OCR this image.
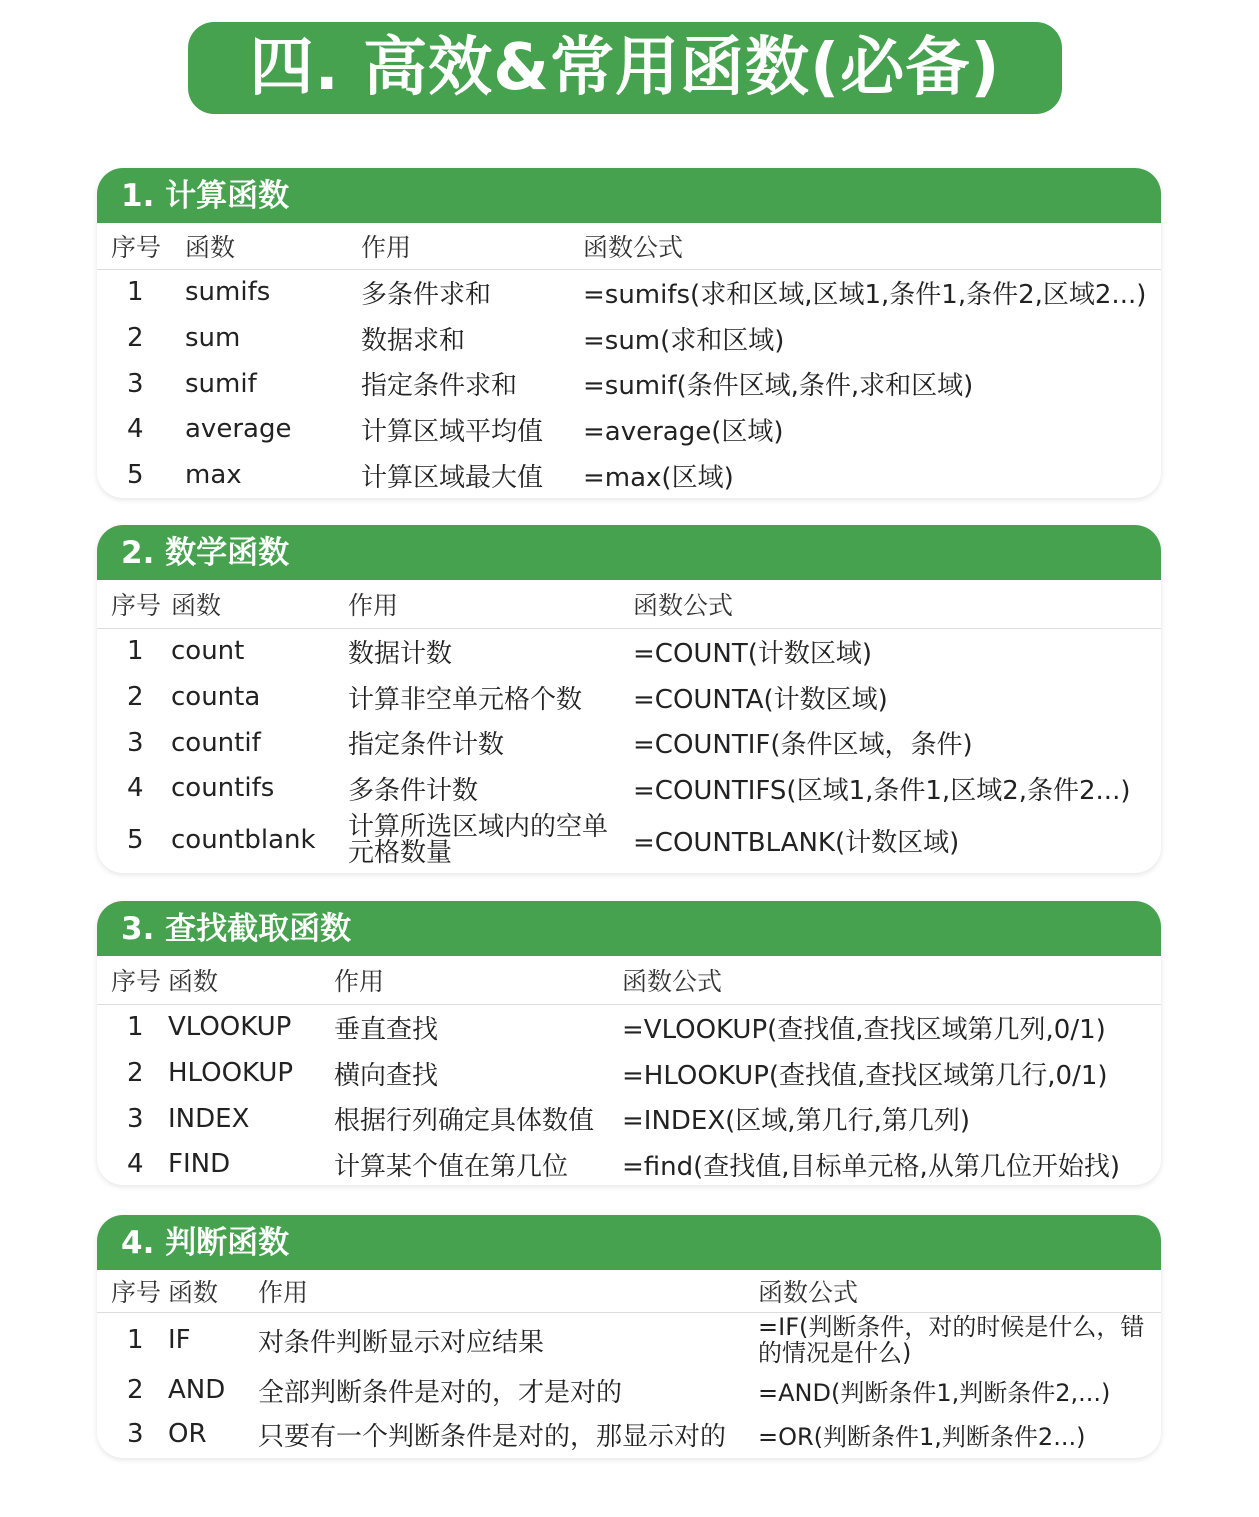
四. 高效&常用函数(必备)
1. 计算函数
序号	函数	作用	函数公式
1	sumifs	多条件求和	=sumifs(求和区域,区域1,条件1,条件2,区域2...)
2	sum	数据求和	=sum(求和区域)
3	sumif	指定条件求和	=sumif(条件区域,条件,求和区域)
4	average	计算区域平均值	=average(区域)
5	max	计算区域最大值	=max(区域)
2. 数学函数
序号	函数	作用	函数公式
1	count	数据计数	=COUNT(计数区域)
2	counta	计算非空单元格个数	=COUNTA(计数区域)
3	countif	指定条件计数	=COUNTIF(条件区域，条件)
4	countifs	多条件计数	=COUNTIFS(区域1,条件1,区域2,条件2...)
5	countblank	计算所选区域内的空单元格数量	=COUNTBLANK(计数区域)
3. 查找截取函数
序号	函数	作用	函数公式
1	VLOOKUP	垂直查找	=VLOOKUP(查找值,查找区域第几列,0/1)
2	HLOOKUP	横向查找	=HLOOKUP(查找值,查找区域第几行,0/1)
3	INDEX	根据行列确定具体数值	=INDEX(区域,第几行,第几列)
4	FIND	计算某个值在第几位	=find(查找值,目标单元格,从第几位开始找)
4. 判断函数
序号	函数	作用	函数公式
1	IF	对条件判断显示对应结果	=IF(判断条件，对的时候是什么，错的情况是什么)
2	AND	全部判断条件是对的，才是对的	=AND(判断条件1,判断条件2,...)
3	OR	只要有一个判断条件是对的，那显示对的	=OR(判断条件1,判断条件2...)
